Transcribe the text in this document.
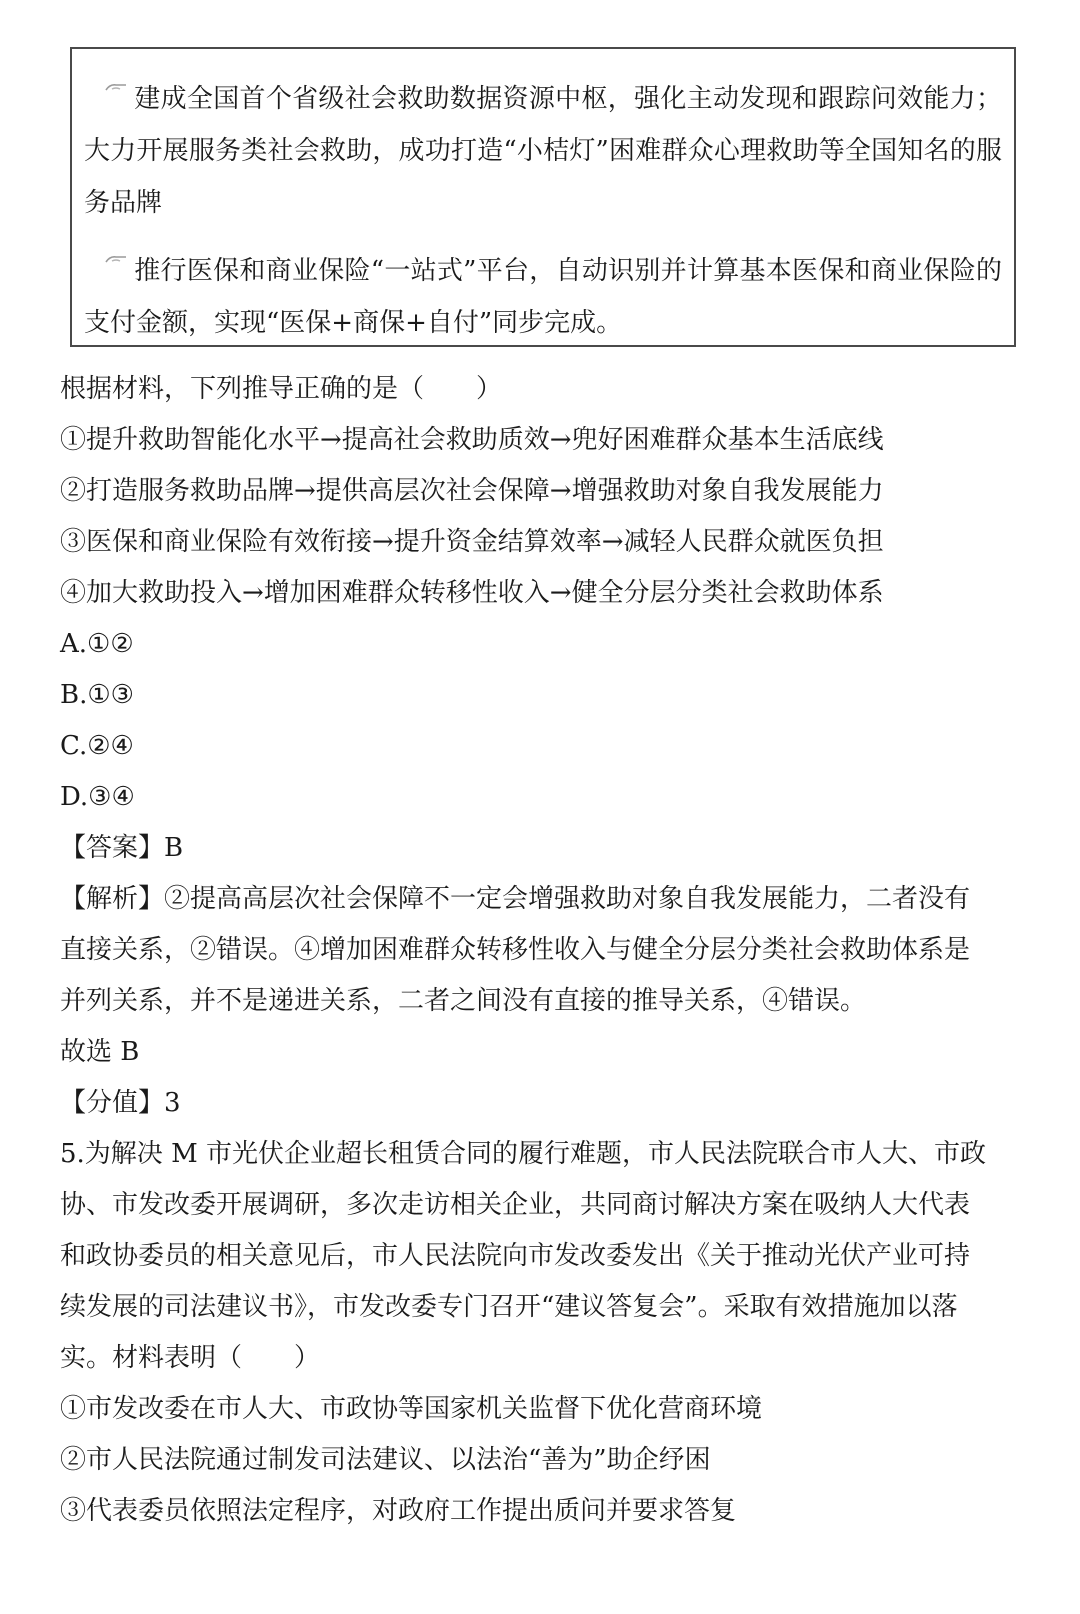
建成全国首个省级社会救助数据资源中枢，强化主动发现和跟踪问效能力；大力开展服务类社会救助，成功打造“小桔灯”困难群众心理救助等全国知名的服务品牌

推行医保和商业保险“一站式”平台，自动识别并计算基本医保和商业保险的支付金额，实现“医保+商保+自付”同步完成。

根据材料，下列推导正确的是（　　）
①提升救助智能化水平→提高社会救助质效→兜好困难群众基本生活底线
②打造服务救助品牌→提供高层次社会保障→增强救助对象自我发展能力
③医保和商业保险有效衔接→提升资金结算效率→减轻人民群众就医负担
④加大救助投入→增加困难群众转移性收入→健全分层分类社会救助体系
A.①②
B.①③
C.②④
D.③④
【答案】B
【解析】②提高高层次社会保障不一定会增强救助对象自我发展能力，二者没有
直接关系，②错误。④增加困难群众转移性收入与健全分层分类社会救助体系是
并列关系，并不是递进关系，二者之间没有直接的推导关系，④错误。
故选 B
【分值】3
5.为解决 M 市光伏企业超长租赁合同的履行难题，市人民法院联合市人大、市政
协、市发改委开展调研，多次走访相关企业，共同商讨解决方案在吸纳人大代表
和政协委员的相关意见后，市人民法院向市发改委发出《关于推动光伏产业可持
续发展的司法建议书》，市发改委专门召开“建议答复会”。采取有效措施加以落
实。材料表明（　　）
①市发改委在市人大、市政协等国家机关监督下优化营商环境
②市人民法院通过制发司法建议、以法治“善为”助企纾困
③代表委员依照法定程序，对政府工作提出质问并要求答复
